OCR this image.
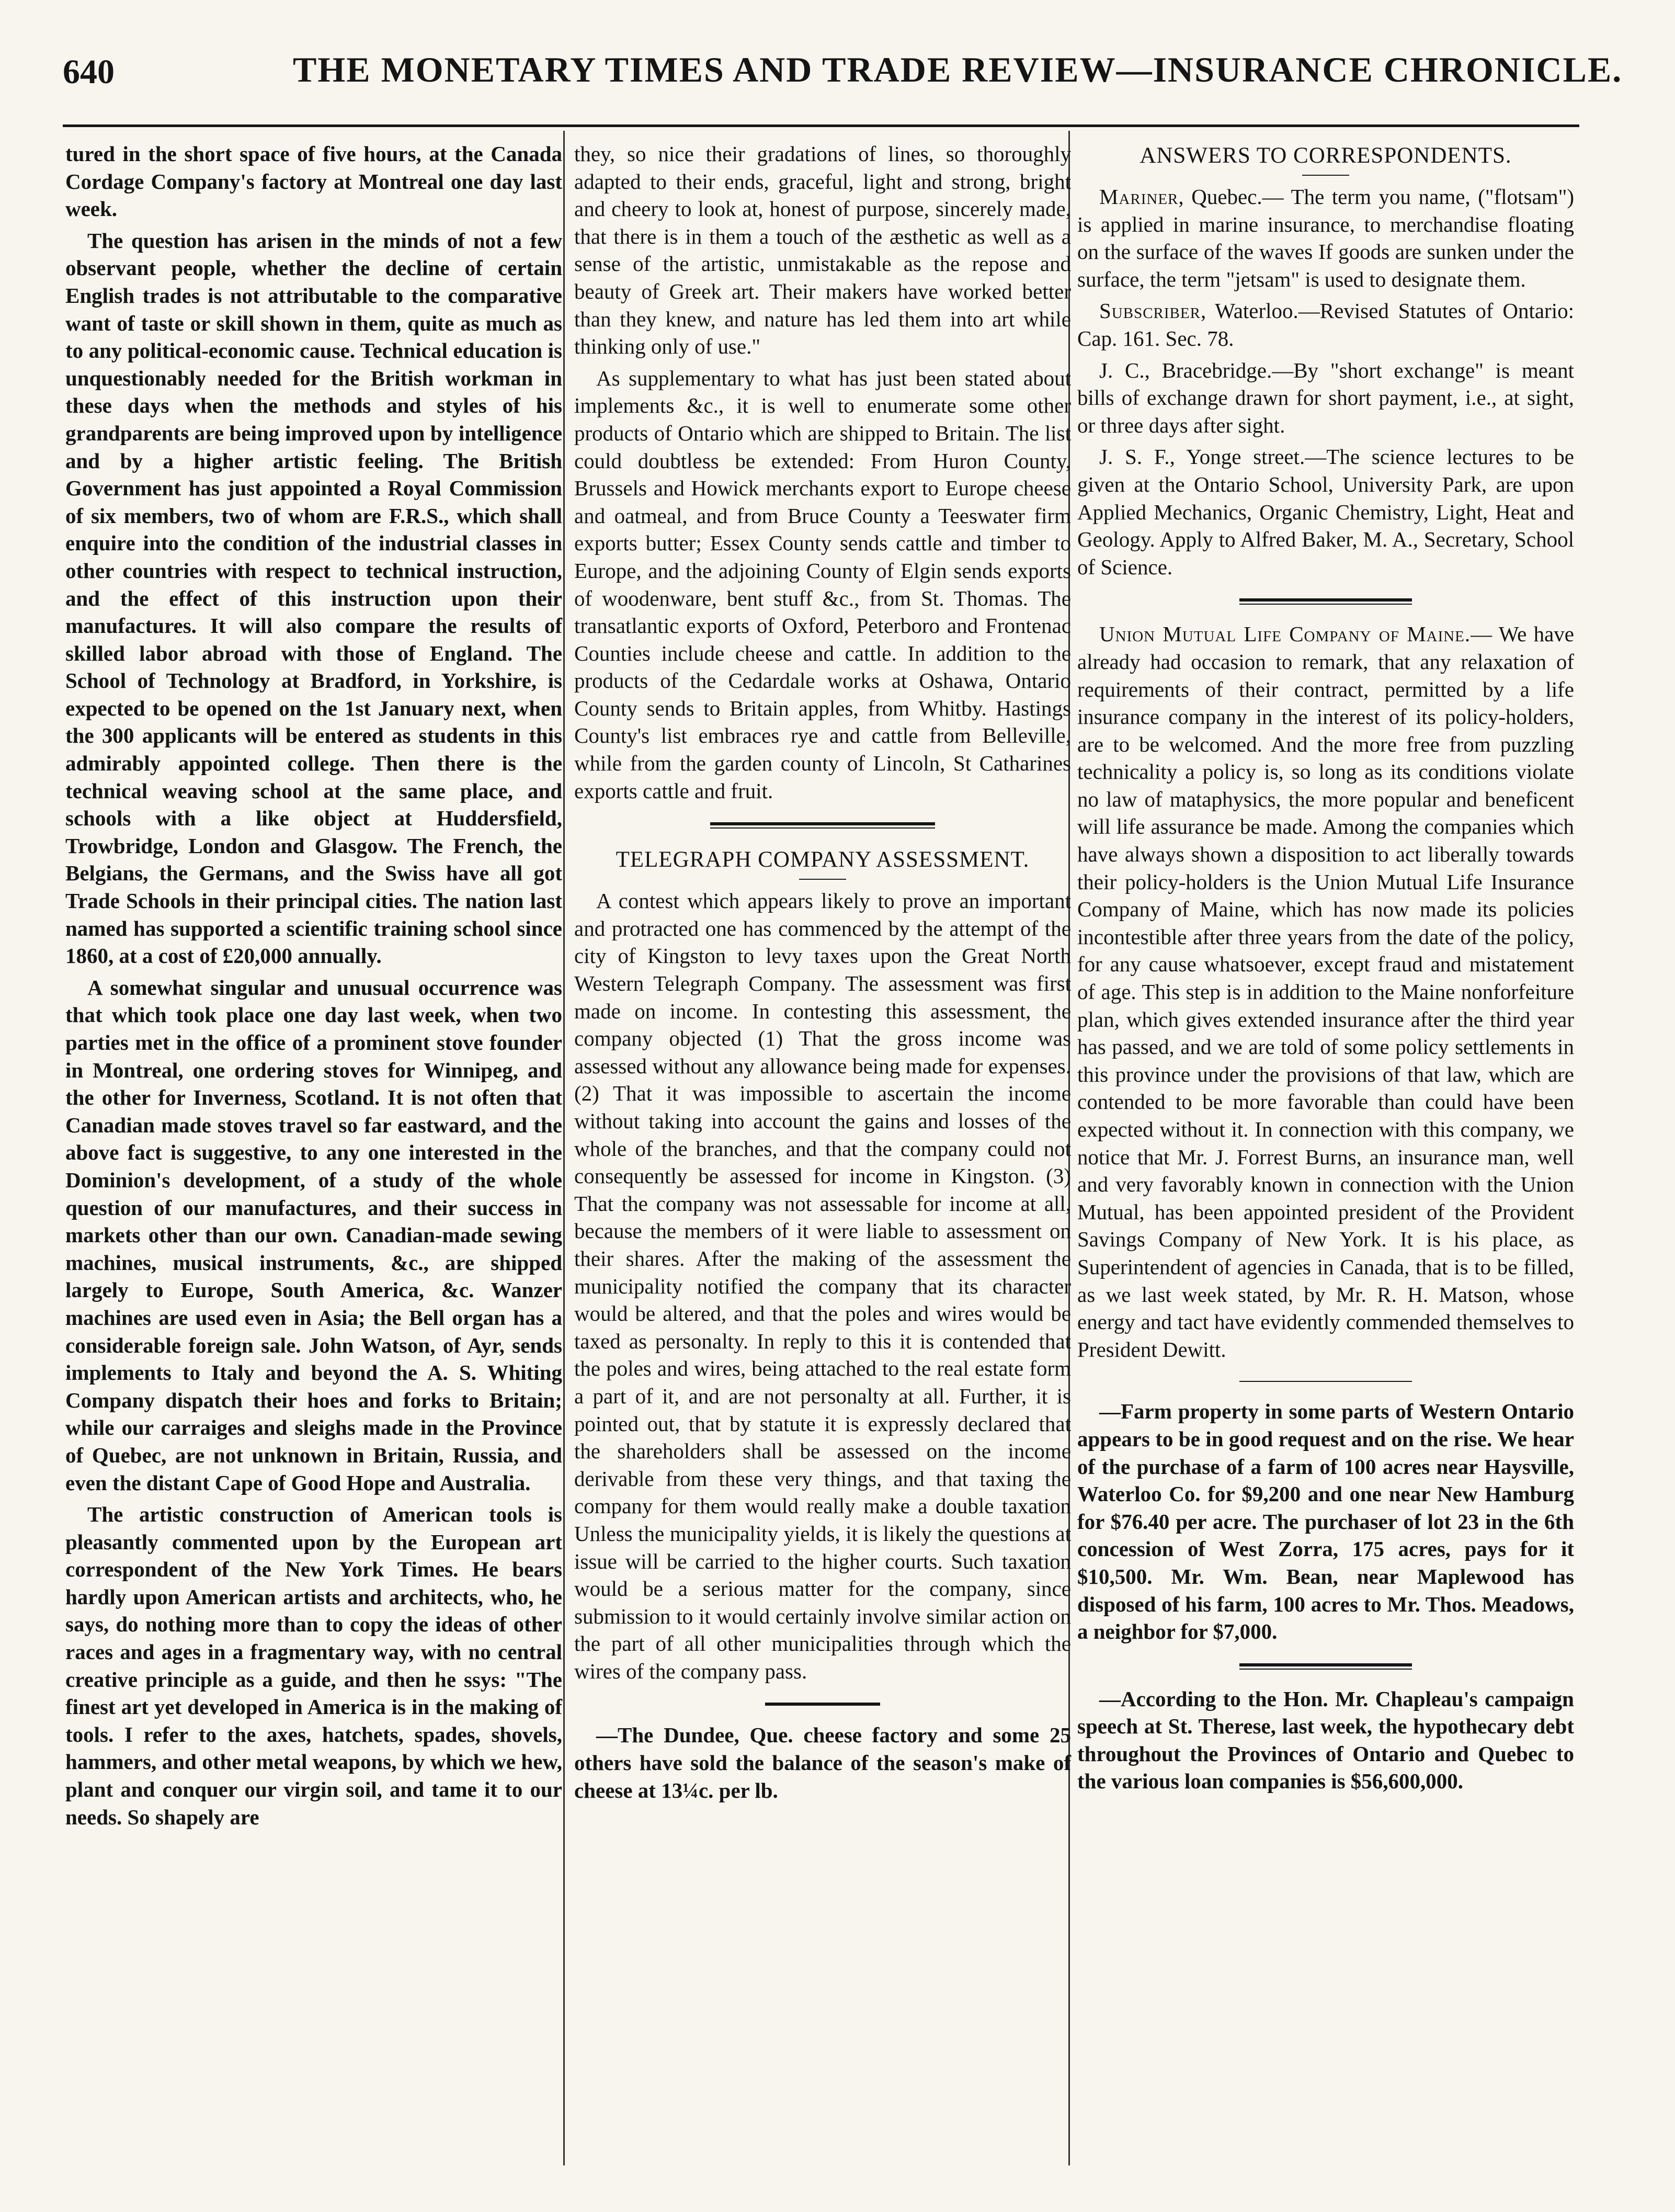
640	THE MONETARY TIMES AND TRADE REVIEW—INSURANCE CHRONICLE.

tured in the short space of five hours, at the Canada Cordage Company's factory at Montreal one day last week.

The question has arisen in the minds of not a few observant people, whether the decline of certain English trades is not attributable to the comparative want of taste or skill shown in them, quite as much as to any political-economic cause. Technical education is unquestionably needed for the British workman in these days when the methods and styles of his grandparents are being improved upon by intelligence and by a higher artistic feeling. The British Government has just appointed a Royal Commission of six members, two of whom are F.R.S., which shall enquire into the condition of the industrial classes in other countries with respect to technical instruction, and the effect of this instruction upon their manufactures. It will also compare the results of skilled labor abroad with those of England. The School of Technology at Bradford, in Yorkshire, is expected to be opened on the 1st January next, when the 300 applicants will be entered as students in this admirably appointed college. Then there is the technical weaving school at the same place, and schools with a like object at Huddersfield, Trowbridge, London and Glasgow. The French, the Belgians, the Germans, and the Swiss have all got Trade Schools in their principal cities. The nation last named has supported a scientific training school since 1860, at a cost of £20,000 annually.

A somewhat singular and unusual occurrence was that which took place one day last week, when two parties met in the office of a prominent stove founder in Montreal, one ordering stoves for Winnipeg, and the other for Inverness, Scotland. It is not often that Canadian made stoves travel so far eastward, and the above fact is suggestive, to any one interested in the Dominion's development, of a study of the whole question of our manufactures, and their success in markets other than our own. Canadian-made sewing machines, musical instruments, &c., are shipped largely to Europe, South America, &c. Wanzer machines are used even in Asia; the Bell organ has a considerable foreign sale. John Watson, of Ayr, sends implements to Italy and beyond the A. S. Whiting Company dispatch their hoes and forks to Britain; while our carraiges and sleighs made in the Province of Quebec, are not unknown in Britain, Russia, and even the distant Cape of Good Hope and Australia.

The artistic construction of American tools is pleasantly commented upon by the European art correspondent of the New York Times. He bears hardly upon American artists and architects, who, he says, do nothing more than to copy the ideas of other races and ages in a fragmentary way, with no central creative principle as a guide, and then he ssys: "The finest art yet developed in America is in the making of tools. I refer to the axes, hatchets, spades, shovels, hammers, and other metal weapons, by which we hew, plant and conquer our virgin soil, and tame it to our needs. So shapely are

they, so nice their gradations of lines, so thoroughly adapted to their ends, graceful, light and strong, bright and cheery to look at, honest of purpose, sincerely made, that there is in them a touch of the æsthetic as well as a sense of the artistic, unmistakable as the repose and beauty of Greek art. Their makers have worked better than they knew, and nature has led them into art while thinking only of use."

As supplementary to what has just been stated about implements &c., it is well to enumerate some other products of Ontario which are shipped to Britain. The list could doubtless be extended: From Huron County, Brussels and Howick merchants export to Europe cheese and oatmeal, and from Bruce County a Teeswater firm exports butter; Essex County sends cattle and timber to Europe, and the adjoining County of Elgin sends exports of woodenware, bent stuff &c., from St. Thomas. The transatlantic exports of Oxford, Peterboro and Frontenac Counties include cheese and cattle. In addition to the products of the Cedardale works at Oshawa, Ontario County sends to Britain apples, from Whitby. Hastings County's list embraces rye and cattle from Belleville, while from the garden county of Lincoln, St Catharines exports cattle and fruit.

TELEGRAPH COMPANY ASSESSMENT.

A contest which appears likely to prove an important and protracted one has commenced by the attempt of the city of Kingston to levy taxes upon the Great North Western Telegraph Company. The assessment was first made on income. In contesting this assessment, the company objected (1) That the gross income was assessed without any allowance being made for expenses. (2) That it was impossible to ascertain the income without taking into account the gains and losses of the whole of the branches, and that the company could not consequently be assessed for income in Kingston. (3) That the company was not assessable for income at all, because the members of it were liable to assessment on their shares. After the making of the assessment the municipality notified the company that its character would be altered, and that the poles and wires would be taxed as personalty. In reply to this it is contended that the poles and wires, being attached to the real estate form a part of it, and are not personalty at all. Further, it is pointed out, that by statute it is expressly declared that the shareholders shall be assessed on the income derivable from these very things, and that taxing the company for them would really make a double taxation Unless the municipality yields, it is likely the questions at issue will be carried to the higher courts. Such taxation would be a serious matter for the company, since submission to it would certainly involve similar action on the part of all other municipalities through which the wires of the company pass.

—The Dundee, Que. cheese factory and some 25 others have sold the balance of the season's make of cheese at 13¼c. per lb.

ANSWERS TO CORRESPONDENTS.

Mariner, Quebec.— The term you name, ("flotsam") is applied in marine insurance, to merchandise floating on the surface of the waves If goods are sunken under the surface, the term "jetsam" is used to designate them.

Subscriber, Waterloo.—Revised Statutes of Ontario: Cap. 161. Sec. 78.

J. C., Bracebridge.—By "short exchange" is meant bills of exchange drawn for short payment, i.e., at sight, or three days after sight.

J. S. F., Yonge street.—The science lectures to be given at the Ontario School, University Park, are upon Applied Mechanics, Organic Chemistry, Light, Heat and Geology. Apply to Alfred Baker, M. A., Secretary, School of Science.

Union Mutual Life Company of Maine.— We have already had occasion to remark, that any relaxation of requirements of their contract, permitted by a life insurance company in the interest of its policy-holders, are to be welcomed. And the more free from puzzling technicality a policy is, so long as its conditions violate no law of mataphysics, the more popular and beneficent will life assurance be made. Among the companies which have always shown a disposition to act liberally towards their policy-holders is the Union Mutual Life Insurance Company of Maine, which has now made its policies incontestible after three years from the date of the policy, for any cause whatsoever, except fraud and mistatement of age. This step is in addition to the Maine nonforfeiture plan, which gives extended insurance after the third year has passed, and we are told of some policy settlements in this province under the provisions of that law, which are contended to be more favorable than could have been expected without it. In connection with this company, we notice that Mr. J. Forrest Burns, an insurance man, well and very favorably known in connection with the Union Mutual, has been appointed president of the Provident Savings Company of New York. It is his place, as Superintendent of agencies in Canada, that is to be filled, as we last week stated, by Mr. R. H. Matson, whose energy and tact have evidently commended themselves to President Dewitt.

—Farm property in some parts of Western Ontario appears to be in good request and on the rise. We hear of the purchase of a farm of 100 acres near Haysville, Waterloo Co. for $9,200 and one near New Hamburg for $76.40 per acre. The purchaser of lot 23 in the 6th concession of West Zorra, 175 acres, pays for it $10,500. Mr. Wm. Bean, near Maplewood has disposed of his farm, 100 acres to Mr. Thos. Meadows, a neighbor for $7,000.

—According to the Hon. Mr. Chapleau's campaign speech at St. Therese, last week, the hypothecary debt throughout the Provinces of Ontario and Quebec to the various loan companies is $56,600,000.
